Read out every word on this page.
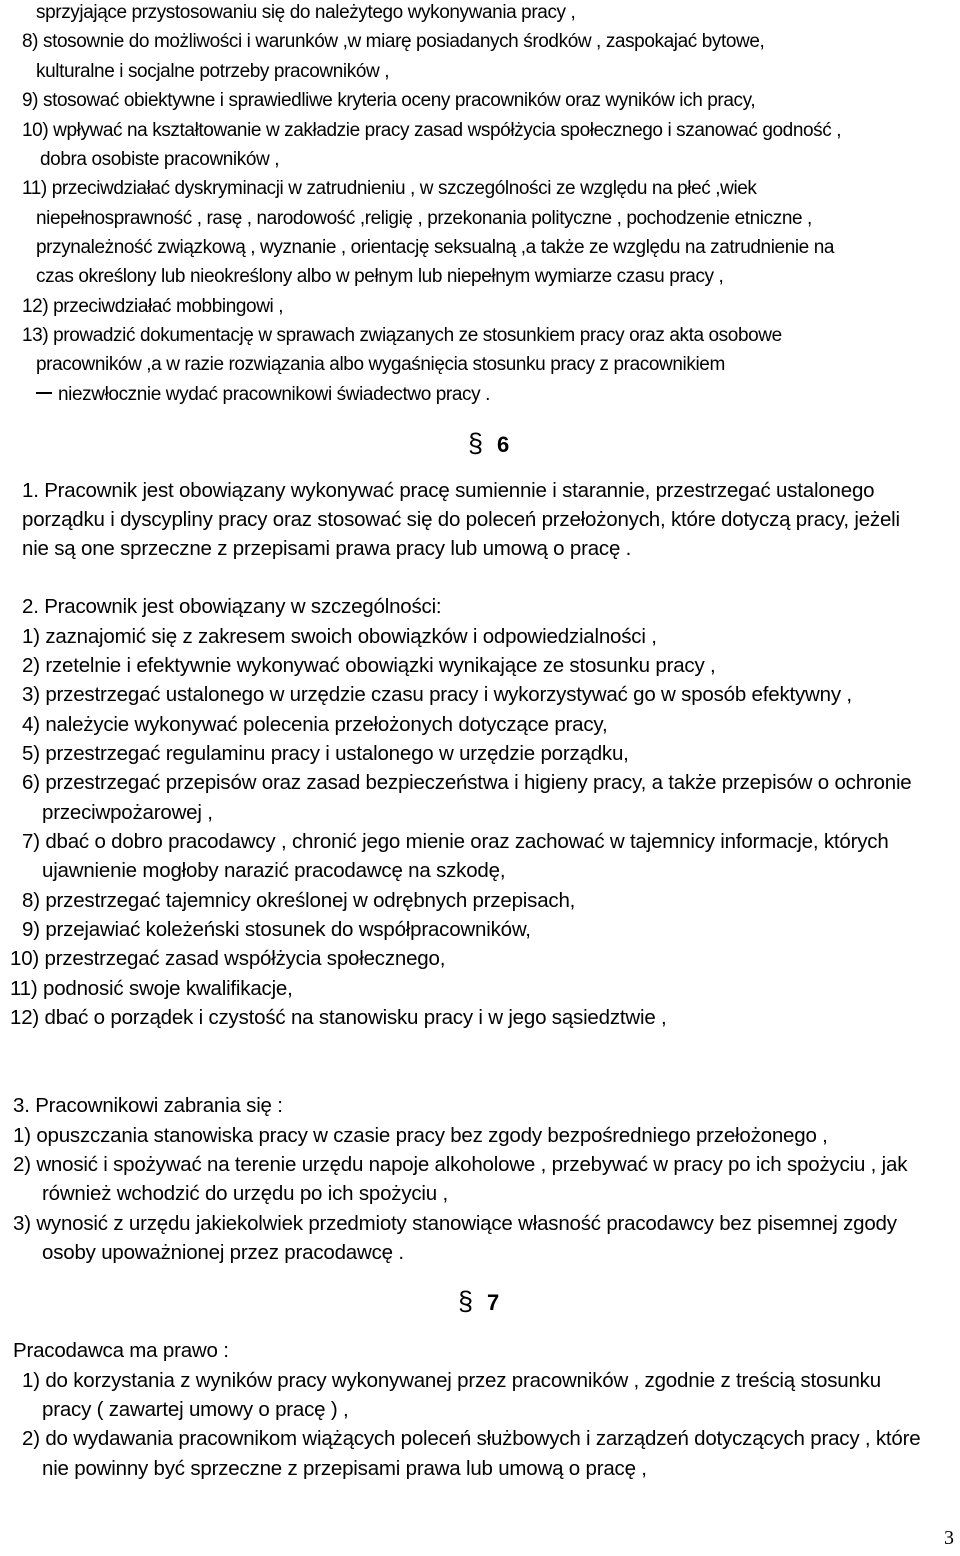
sprzyjające przystosowaniu się do należytego wykonywania pracy ,
8) stosownie do możliwości i warunków ,w miarę posiadanych środków , zaspokajać bytowe,
kulturalne i socjalne potrzeby pracowników ,
9) stosować obiektywne i sprawiedliwe kryteria oceny pracowników oraz wyników ich pracy,
10) wpływać na kształtowanie w zakładzie pracy zasad współżycia społecznego i szanować godność ,
dobra osobiste pracowników ,
11) przeciwdziałać dyskryminacji w zatrudnieniu , w szczególności ze względu na płeć ,wiek
niepełnosprawność , rasę , narodowość ,religię , przekonania polityczne , pochodzenie etniczne ,
przynależność związkową , wyznanie , orientację seksualną ,a także ze względu na zatrudnienie na
czas określony lub nieokreślony albo w pełnym lub niepełnym wymiarze czasu pracy ,
12) przeciwdziałać mobbingowi ,
13) prowadzić dokumentację w sprawach związanych ze stosunkiem pracy oraz akta osobowe
pracowników ,a w razie rozwiązania albo wygaśnięcia stosunku pracy z pracownikiem
niezwłocznie wydać pracownikowi świadectwo pracy .
§ 6
1. Pracownik jest obowiązany wykonywać pracę sumiennie i starannie, przestrzegać ustalonego
porządku i dyscypliny pracy oraz stosować się do poleceń przełożonych, które dotyczą pracy, jeżeli
nie są one sprzeczne z przepisami prawa pracy lub umową o pracę .
2. Pracownik jest obowiązany w szczególności:
1) zaznajomić się z zakresem swoich obowiązków i odpowiedzialności ,
2) rzetelnie i efektywnie wykonywać obowiązki wynikające ze stosunku pracy ,
3) przestrzegać ustalonego w urzędzie czasu pracy i wykorzystywać go w sposób efektywny ,
4) należycie wykonywać polecenia przełożonych dotyczące pracy,
5) przestrzegać regulaminu pracy i ustalonego w urzędzie porządku,
6) przestrzegać przepisów oraz zasad bezpieczeństwa i higieny pracy, a także przepisów o ochronie
przeciwpożarowej ,
7) dbać o dobro pracodawcy , chronić jego mienie oraz zachować w tajemnicy informacje, których
ujawnienie mogłoby narazić pracodawcę na szkodę,
8) przestrzegać tajemnicy określonej w odrębnych przepisach,
9) przejawiać koleżeński stosunek do współpracowników,
10) przestrzegać zasad współżycia społecznego,
11) podnosić swoje kwalifikacje,
12) dbać o porządek i czystość na stanowisku pracy i w jego sąsiedztwie ,
3. Pracownikowi zabrania się :
1) opuszczania stanowiska pracy w czasie pracy bez zgody bezpośredniego przełożonego ,
2) wnosić i spożywać na terenie urzędu napoje alkoholowe , przebywać w pracy po ich spożyciu , jak
również wchodzić do urzędu po ich spożyciu ,
3) wynosić z urzędu jakiekolwiek przedmioty stanowiące własność pracodawcy bez pisemnej zgody
osoby upoważnionej przez pracodawcę .
§ 7
Pracodawca ma prawo :
1) do korzystania z wyników pracy wykonywanej przez pracowników , zgodnie z treścią stosunku
pracy ( zawartej umowy o pracę ) ,
2) do wydawania pracownikom wiążących poleceń służbowych i zarządzeń dotyczących pracy , które
nie powinny być sprzeczne z przepisami prawa lub umową o pracę ,
3
